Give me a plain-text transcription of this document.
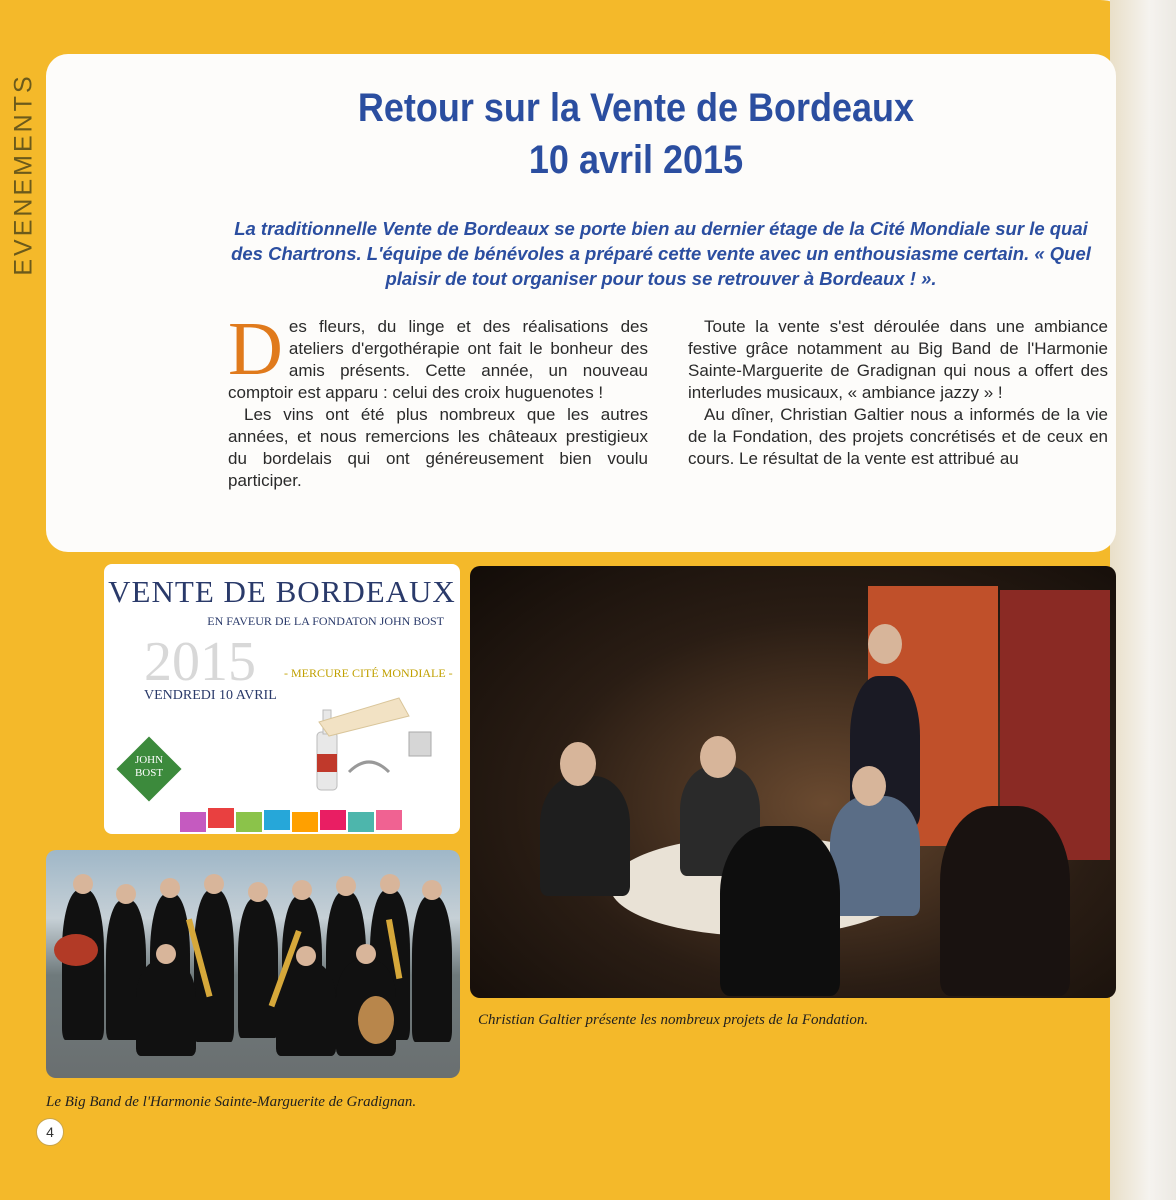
EVENEMENTS	Retour sur la Vente de Bordeaux
10 avril 2015

La traditionnelle Vente de Bordeaux se porte bien au dernier étage de la Cité Mondiale sur le quai des Chartrons. L'équipe de bénévoles a préparé cette vente avec un enthousiasme certain. « Quel plaisir de tout organiser pour tous se retrouver à Bordeaux ! ».

Des fleurs, du linge et des réalisations des ateliers d'ergothérapie ont fait le bonheur des amis présents. Cette année, un nouveau comptoir est apparu : celui des croix huguenotes !

Les vins ont été plus nombreux que les autres années, et nous remercions les châteaux prestigieux du bordelais qui ont généreusement bien voulu participer.

Toute la vente s'est déroulée dans une ambiance festive grâce notamment au Big Band de l'Harmonie Sainte-Marguerite de Gradignan qui nous a offert des interludes musicaux, « ambiance jazzy » !

Au dîner, Christian Galtier nous a informés de la vie de la Fondation, des projets concrétisés et de ceux en cours. Le résultat de la vente est attribué au

VENTE DE BORDEAUX
EN FAVEUR DE LA FONDATON JOHN BOST
2015 - MERCURE CITÉ MONDIALE -
VENDREDI 10 AVRIL
JOHN
BOST
Christian Galtier présente les nombreux projets de la Fondation.
Le Big Band de l'Harmonie Sainte-Marguerite de Gradignan.
4
